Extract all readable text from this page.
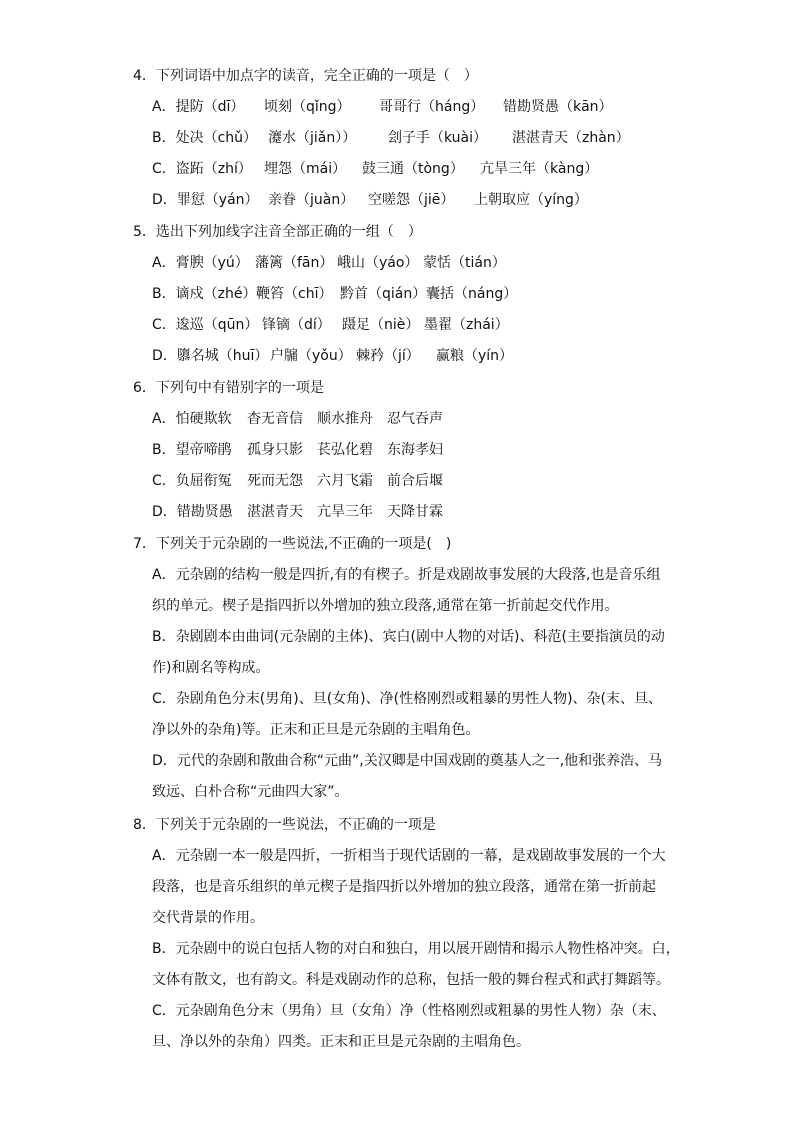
4．下列词语中加点字的读音，完全正确的一项是（　）
A．提防（dī） 顷刻（qǐng） 哥哥行（háng） 错勘贤愚（kān）
B．处决（chǔ） 瀽水（jiǎn）） 刽子手（kuài） 湛湛青天（zhàn）
C．盗跖（zhí） 埋怨（mái） 鼓三通（tòng） 亢旱三年（kàng）
D．罪愆（yán） 亲眷（juàn） 空嗟怨（jiē） 上朝取应（yíng）
5．选出下列加线字注音全部正确的一组（　）
A．膏腴（yú） 藩篱（fān） 峨山（yáo） 蒙恬（tián）
B．谪戍（zhé）鞭笞（chī） 黔首（qián）囊括（náng）
C．逡巡（qūn） 锋镝（dí） 蹑足（niè） 墨翟（zhái）
D．隳名城（huī） 户牖（yǒu） 棘矜（jí） 赢粮（yín）
6．下列句中有错别字的一项是
A．怕硬欺软 杳无音信 顺水推舟 忍气吞声
B．望帝啼鹃 孤身只影 苌弘化碧 东海孝妇
C．负屈衔冤 死而无怨 六月飞霜 前合后堰
D．错勘贤愚 湛湛青天 亢旱三年 天降甘霖
7．下列关于元杂剧的一些说法,不正确的一项是(　)
A．元杂剧的结构一般是四折,有的有楔子。折是戏剧故事发展的大段落,也是音乐组
织的单元。楔子是指四折以外增加的独立段落,通常在第一折前起交代作用。
B．杂剧剧本由曲词(元杂剧的主体)、宾白(剧中人物的对话)、科范(主要指演员的动
作)和剧名等构成。
C．杂剧角色分末(男角)、旦(女角)、净(性格刚烈或粗暴的男性人物)、杂(末、旦、
净以外的杂角)等。正末和正旦是元杂剧的主唱角色。
D．元代的杂剧和散曲合称“元曲”,关汉卿是中国戏剧的奠基人之一,他和张养浩、马
致远、白朴合称“元曲四大家”。
8．下列关于元杂剧的一些说法，不正确的一项是
A．元杂剧一本一般是四折，一折相当于现代话剧的一幕，是戏剧故事发展的一个大
段落，也是音乐组织的单元楔子是指四折以外增加的独立段落，通常在第一折前起
交代背景的作用。
B．元杂剧中的说白包括人物的对白和独白，用以展开剧情和揭示人物性格冲突。白，
文体有散文，也有韵文。科是戏剧动作的总称，包括一般的舞台程式和武打舞蹈等。
C．元杂剧角色分末（男角）旦（女角）净（性格刚烈或粗暴的男性人物）杂（末、
旦、净以外的杂角）四类。正末和正旦是元杂剧的主唱角色。
